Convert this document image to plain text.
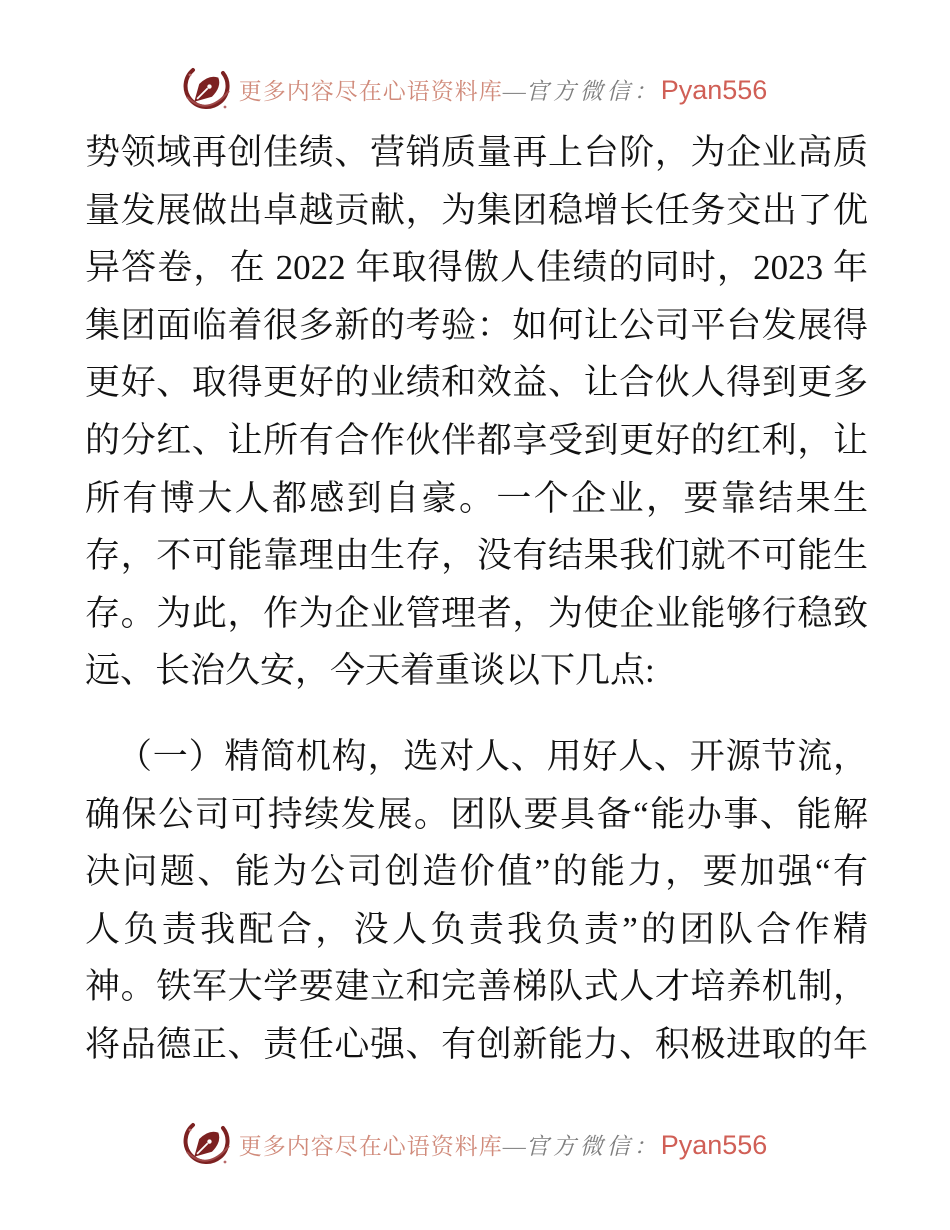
更多内容尽在心语资料库—官方微信：Pyan556
势领域再创佳绩、营销质量再上台阶，为企业高质
量发展做出卓越贡献，为集团稳增长任务交出了优
异答卷，在 2022 年取得傲人佳绩的同时，2023 年
集团面临着很多新的考验：如何让公司平台发展得
更好、取得更好的业绩和效益、让合伙人得到更多
的分红、让所有合作伙伴都享受到更好的红利，让
所有博大人都感到自豪。一个企业，要靠结果生
存，不可能靠理由生存，没有结果我们就不可能生
存。为此，作为企业管理者，为使企业能够行稳致
远、长治久安，今天着重谈以下几点:
（一）精简机构，选对人、用好人、开源节流，
确保公司可持续发展。团队要具备“能办事、能解
决问题、能为公司创造价值”的能力，要加强“有
人负责我配合，没人负责我负责”的团队合作精
神。铁军大学要建立和完善梯队式人才培养机制，
将品德正、责任心强、有创新能力、积极进取的年
更多内容尽在心语资料库—官方微信：Pyan556
